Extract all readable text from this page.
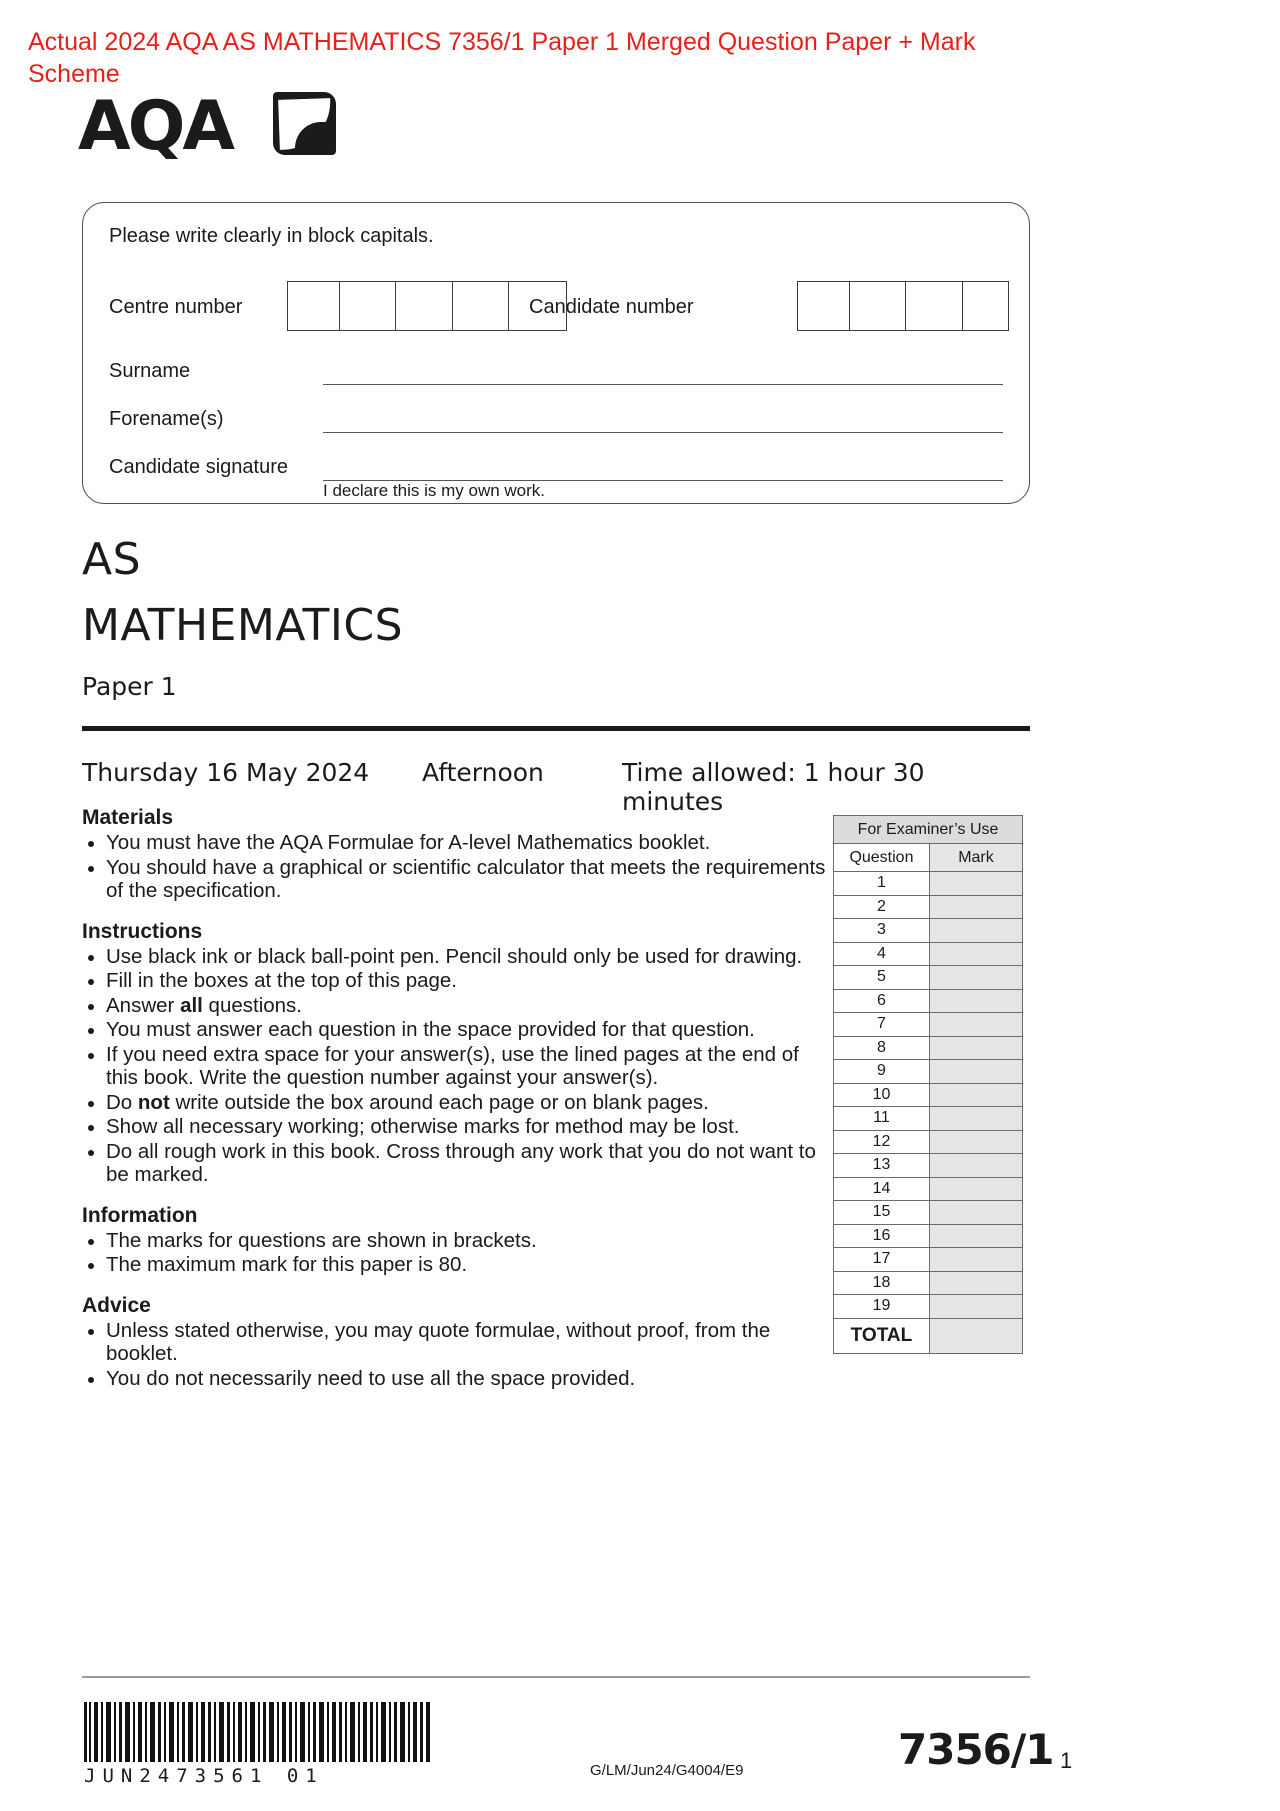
Actual 2024 AQA AS MATHEMATICS 7356/1 Paper 1 Merged Question Paper + Mark Scheme
AQA
Please write clearly in block capitals.
Centre number
	Candidate number

Surname
Forename(s)
Candidate signature
I declare this is my own work.
AS
MATHEMATICS
Paper 1
Thursday 16 May 2024 Afternoon	Time allowed: 1 hour 30 minutes
Materials
You must have the AQA Formulae for A-level Mathematics booklet.
You should have a graphical or scientific calculator that meets the requirements of the specification.
Instructions
Use black ink or black ball-point pen. Pencil should only be used for drawing.
Fill in the boxes at the top of this page.
Answer all questions.
You must answer each question in the space provided for that question.
If you need extra space for your answer(s), use the lined pages at the end of this book. Write the question number against your answer(s).
Do not write outside the box around each page or on blank pages.
Show all necessary working; otherwise marks for method may be lost.
Do all rough work in this book. Cross through any work that you do not want to be marked.
Information
The marks for questions are shown in brackets.
The maximum mark for this paper is 80.
Advice
Unless stated otherwise, you may quote formulae, without proof, from the booklet.
You do not necessarily need to use all the space provided.
For Examiner’s Use	
Question	Mark
1	
2	
3	
4	
5	
6	
7	
8	
9	
10	
11	
12	
13	
14	
15	
16	
17	
18	
19	
TOTAL	
JUN2473561 01	G/LM/Jun24/G4004/E9	7356/1 1
